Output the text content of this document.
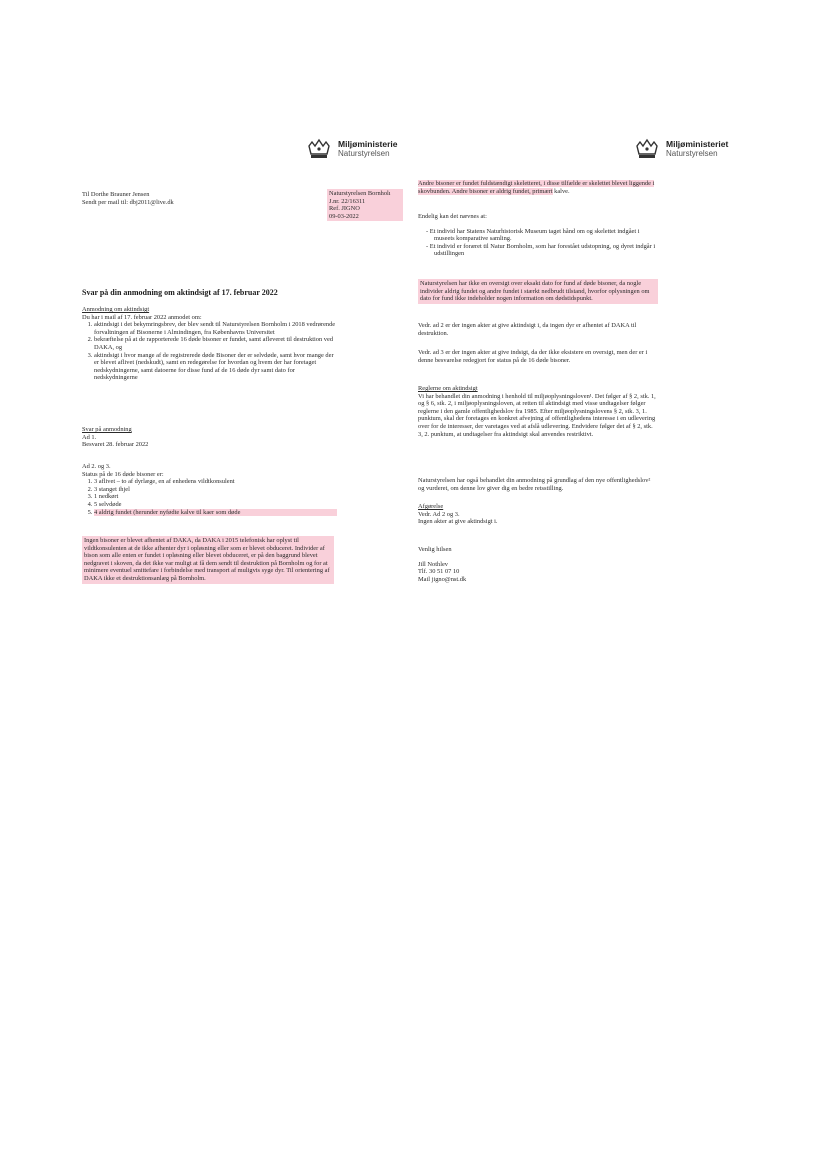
Miljøministerie
Naturstyrelsen
Miljøministeriet
Naturstyrelsen
Til Dorthe Brauner Jensen
Sendt per mail til: dbj2011@live.dk
Naturstyrelsen Bornholı
J.nr. 22/16311
Ref. JIGNO
09-03-2022
Svar på din anmodning om aktindsigt af 17. februar 2022
Anmodning om aktindsigt
Du har i mail af 17. februar 2022 anmodet om:
1. aktindsigt i det bekymringsbrev, der blev sendt til Naturstyrelsen Bornholm i 2018 vedrørende forvaltningen af Bisonerne i Almindingen, fra Københavns Universitet
2. bekræftelse på at de rapporterede 16 døde bisoner er fundet, samt afleveret til destruktion ved DAKA, og
3. aktindsigt i hvor mange af de registrerede døde Bisoner der er selvdøde, samt hvor mange der er blevet aflivet (nedskudt), samt en redegørelse for hvordan og hvem der har foretaget nedskydningerne, samt datoerne for disse fund af de 16 døde dyr samt dato for nedskydningerne
Svar på anmodning
Ad 1.
Besvaret 28. februar 2022
Ad 2. og 3.
Status på de 16 døde bisoner er:
1. 3 aflivet – to af dyrlæge, en af enhedens vildtkonsulent
2. 3 stanget ihjel
3. 1 nedkørt
4. 5 selvdøde
5. 4 aldrig fundet (herunder nyfødte kalve til kaer som døde
Ingen bisoner er blevet afhentet af DAKA, da DAKA i 2015 telefonisk har oplyst til vildtkonsulenten at de ikke afhenter dyr i opløsning eller som er blevet obduceret. Individer af bison som alle enten er fundet i opløsning eller blevet obduceret, er på den baggrund blevet nedgravet i skoven, da det ikke var muligt at få dem sendt til destruktion på Bornholm og for at minimere eventuel smittefare i forbindelse med transport af muligvis syge dyr. Til orientering af DAKA ikke et destruktionsanlæg på Bornholm.
Andre bisoner er fundet fuldstændigt skeletteret, i disse tilfælde er skelettet blevet liggende i skovbunden. Andre bisoner er aldrig fundet, primært kalve.
Endelig kan det nævnes at:
- Et individ har Statens Naturhistorisk Museum taget hånd om og skelettet indgået i museets komparative samling.
- Et individ er foræret til Natur Bornholm, som har forestået udstopning, og dyret indgår i udstillingen
Naturstyrelsen har ikke en oversigt over eksakt dato for fund af døde bisoner, da nogle individer aldrig fundet og andre fundet i stærkt nedbrudt tilstand, hvorfor oplysningen om dato for fund ikke indeholder nogen information om dødstidspunkt.
Vedr. ad 2 er der ingen akter at give aktindsigt i, da ingen dyr er afhentet af DAKA til destruktion.
Vedr. ad 3 er der ingen akter at give indsigt, da der ikke eksistere en oversigt, men der er i denne besvarelse redegjort for status på de 16 døde bisoner.
Reglerne om aktindsigt
Vi har behandlet din anmodning i henhold til miljøoplysningsloven¹. Det følger af § 2, stk. 1, og § 6, stk. 2, i miljøoplysningsloven, at retten til aktindsigt med visse undtagelser følger reglerne i den gamle offentlighedslov fra 1985. Efter miljøoplysningslovens § 2, stk. 3, 1. punktum, skal der foretages en konkret afvejning af offentlighedens interesse i en udlevering over for de interesser, der varetages ved at afslå udlevering. Endvidere følger det af § 2, stk. 3, 2. punktum, at undtagelser fra aktindsigt skal anvendes restriktivt.
Naturstyrelsen har også behandlet din anmodning på grundlag af den nye offentlighedslov² og vurderet, om denne lov giver dig en bedre retsstilling.
Afgørelse
Vedr. Ad 2 og 3.
Ingen akter at give aktindsigt i.
Venlig hilsen
Jill Nothlev
Tlf. 30 51 07 10
Mail jigno@nst.dk
